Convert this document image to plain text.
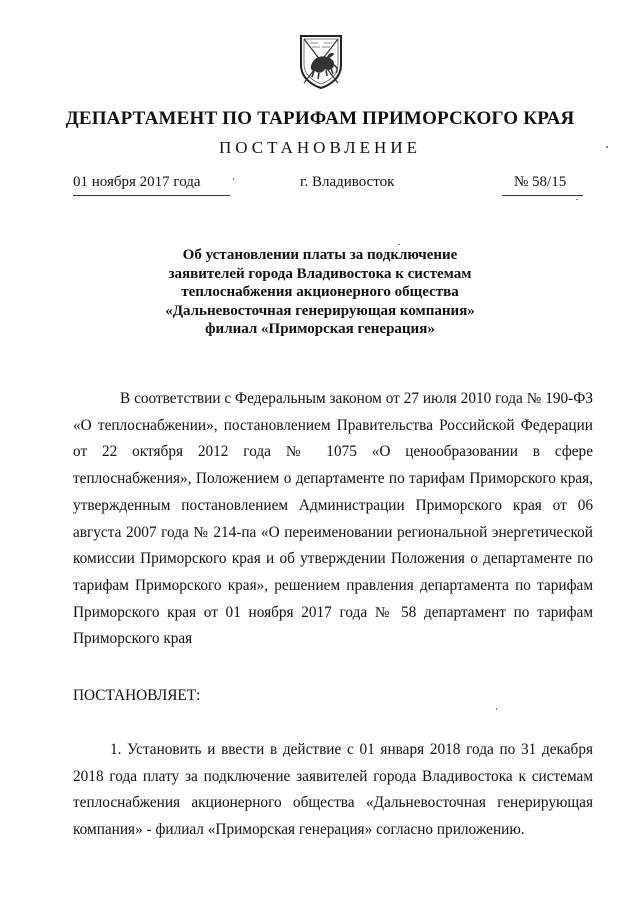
ДЕПАРТАМЕНТ ПО ТАРИФАМ ПРИМОРСКОГО КРАЯ
ПОСТАНОВЛЕНИЕ
01 ноября 2017 года	г. Владивосток	№ 58/15
Об установлении платы за подключение
заявителей города Владивостока к системам
теплоснабжения акционерного общества
«Дальневосточная генерирующая компания»
филиал «Приморская генерация»
В соответствии с Федеральным законом от 27 июля 2010 года № 190-ФЗ «О теплоснабжении», постановлением Правительства Российской Федерации от 22 октября 2012 года № 1075 «О ценообразовании в сфере теплоснабжения», Положением о департаменте по тарифам Приморского края, утвержденным постановлением Администрации Приморского края от 06 августа 2007 года № 214-па «О переименовании региональной энергетической комиссии Приморского края и об утверждении Положения о департаменте по тарифам Приморского края», решением правления департамента по тарифам Приморского края от 01 ноября 2017 года № 58 департамент по тарифам Приморского края
ПОСТАНОВЛЯЕТ:
1. Установить и ввести в действие с 01 января 2018 года по 31 декабря 2018 года плату за подключение заявителей города Владивостока к системам теплоснабжения акционерного общества «Дальневосточная генерирующая компания» - филиал «Приморская генерация» согласно приложению.
